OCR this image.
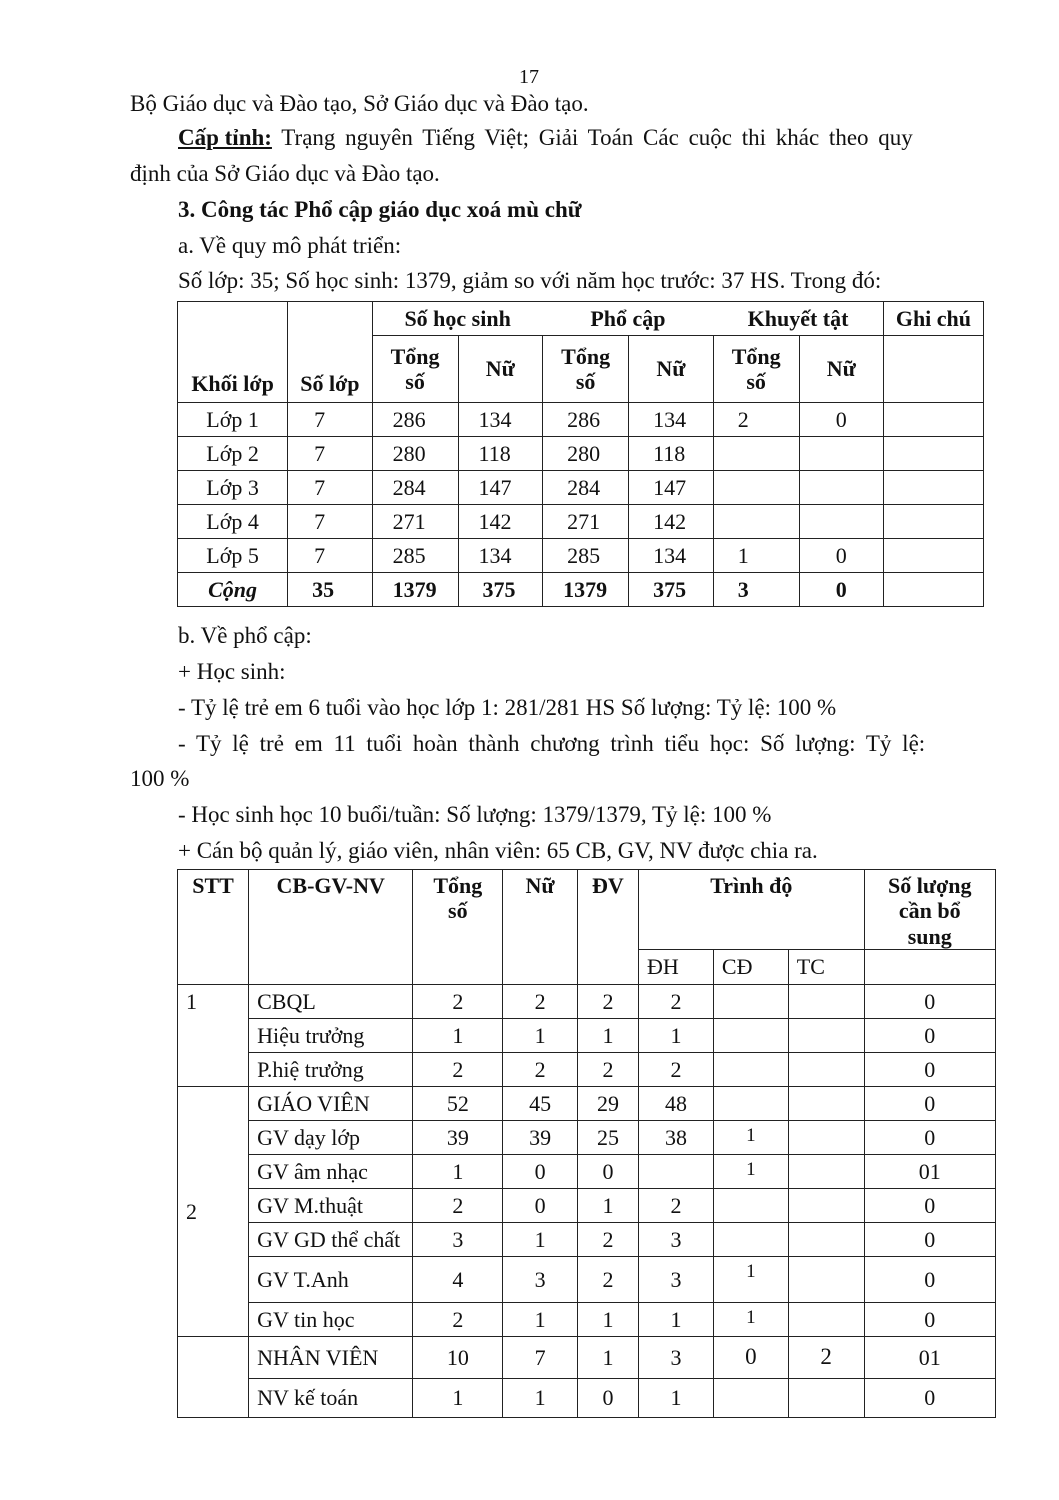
17
Bộ Giáo dục và Đào tạo, Sở Giáo dục và Đào tạo.
Cấp tỉnh: Trạng nguyên Tiếng Việt; Giải Toán Các cuộc thi khác theo quy
định của Sở Giáo dục và Đào tạo.
3. Công tác Phổ cập giáo dục xoá mù chữ
a. Về quy mô phát triển:
Số lớp: 35; Số học sinh: 1379, giảm so với năm học trước: 37 HS. Trong đó:
Khối lớp	Số lớp	Số học sinh		Phổ cập		Khuyết tật		Ghi chú
		Tổng số	Nữ	Tổng số	Nữ	Tổng số	Nữ	
Lớp 1	7	286	134	286	134	2	0	
Lớp 2	7	280	118	280	118			
Lớp 3	7	284	147	284	147			
Lớp 4	7	271	142	271	142			
Lớp 5	7	285	134	285	134	1	0	
Cộng	35	1379	375	1379	375	3	0	
b. Về phổ cập:
+ Học sinh:
- Tỷ lệ trẻ em 6 tuổi vào học lớp 1: 281/281 HS Số lượng: Tỷ lệ: 100 %
- Tỷ lệ trẻ em 11 tuổi hoàn thành chương trình tiểu học: Số lượng: Tỷ lệ:
100 %
- Học sinh học 10 buổi/tuần: Số lượng: 1379/1379, Tỷ lệ: 100 %
+ Cán bộ quản lý, giáo viên, nhân viên: 65 CB, GV, NV được chia ra.
STT	CB-GV-NV	Tổng số	Nữ	ĐV	Trình độ			Số lượng cần bổ sung
					ĐH	CĐ	TC	
1	CBQL	2	2	2	2			0
	Hiệu trưởng	1	1	1	1			0
	P.hiệ trưởng	2	2	2	2			0
2	GIÁO VIÊN	52	45	29	48			0
	GV dạy lớp	39	39	25	38	1		0
	GV âm nhạc	1	0	0		1		01
	GV M.thuật	2	0	1	2			0
	GV GD thể chất	3	1	2	3			0
	GV T.Anh	4	3	2	3	1		0
	GV tin học	2	1	1	1	1		0
	NHÂN VIÊN	10	7	1	3	0	2	01
	NV kế toán	1	1	0	1			0
